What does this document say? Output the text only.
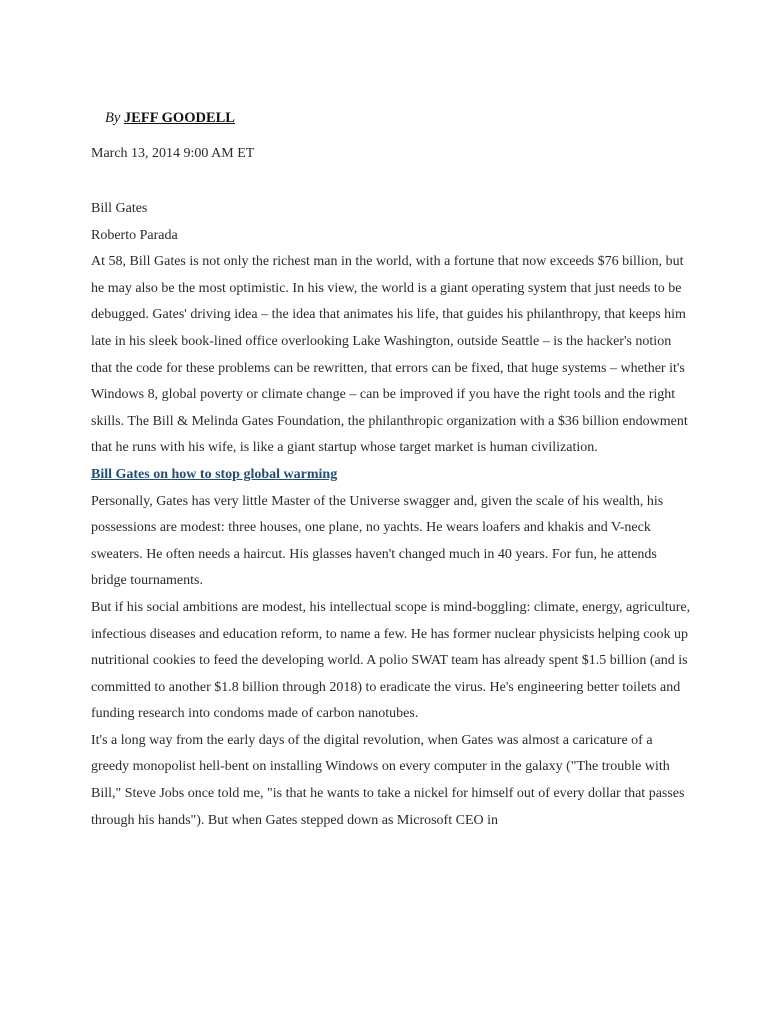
By JEFF GOODELL
March 13, 2014 9:00 AM ET
Bill Gates
Roberto Parada

At 58, Bill Gates is not only the richest man in the world, with a fortune that now exceeds $76 billion, but he may also be the most optimistic. In his view, the world is a giant operating system that just needs to be debugged. Gates' driving idea – the idea that animates his life, that guides his philanthropy, that keeps him late in his sleek book-lined office overlooking Lake Washington, outside Seattle – is the hacker's notion that the code for these problems can be rewritten, that errors can be fixed, that huge systems – whether it's Windows 8, global poverty or climate change – can be improved if you have the right tools and the right skills. The Bill & Melinda Gates Foundation, the philanthropic organization with a $36 billion endowment that he runs with his wife, is like a giant startup whose target market is human civilization.

Bill Gates on how to stop global warming

Personally, Gates has very little Master of the Universe swagger and, given the scale of his wealth, his possessions are modest: three houses, one plane, no yachts. He wears loafers and khakis and V-neck sweaters. He often needs a haircut. His glasses haven't changed much in 40 years. For fun, he attends bridge tournaments.

But if his social ambitions are modest, his intellectual scope is mind-boggling: climate, energy, agriculture, infectious diseases and education reform, to name a few. He has former nuclear physicists helping cook up nutritional cookies to feed the developing world. A polio SWAT team has already spent $1.5 billion (and is committed to another $1.8 billion through 2018) to eradicate the virus. He's engineering better toilets and funding research into condoms made of carbon nanotubes.

It's a long way from the early days of the digital revolution, when Gates was almost a caricature of a greedy monopolist hell-bent on installing Windows on every computer in the galaxy ("The trouble with Bill," Steve Jobs once told me, "is that he wants to take a nickel for himself out of every dollar that passes through his hands"). But when Gates stepped down as Microsoft CEO in
